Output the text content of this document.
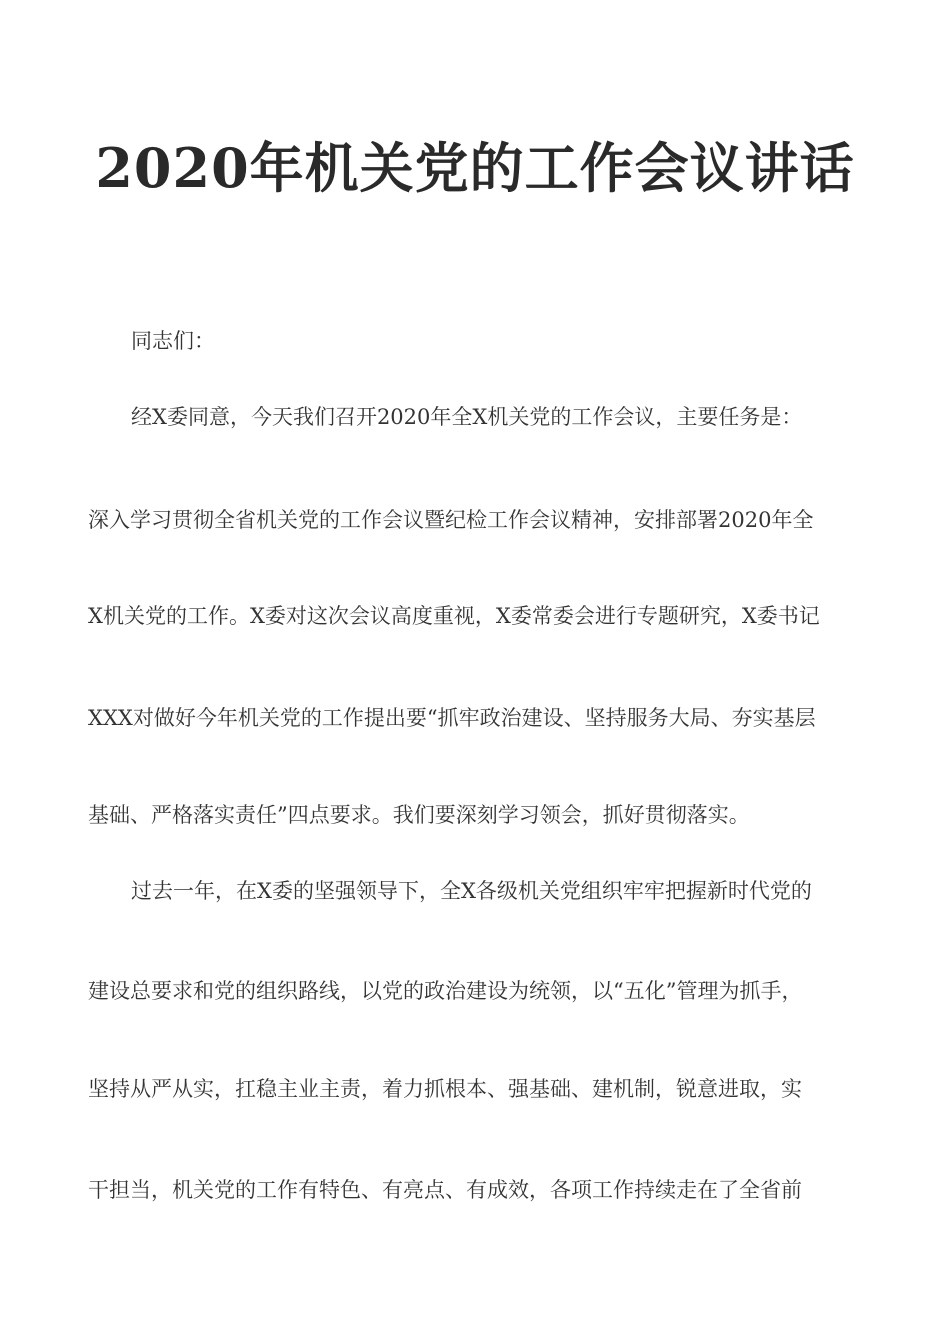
2020年机关党的工作会议讲话
同志们：
经X委同意，今天我们召开2020年全X机关党的工作会议，主要任务是：
深入学习贯彻全省机关党的工作会议暨纪检工作会议精神，安排部署2020年全
X机关党的工作。X委对这次会议高度重视，X委常委会进行专题研究，X委书记
XXX对做好今年机关党的工作提出要“抓牢政治建设、坚持服务大局、夯实基层
基础、严格落实责任”四点要求。我们要深刻学习领会，抓好贯彻落实。
过去一年，在X委的坚强领导下，全X各级机关党组织牢牢把握新时代党的
建设总要求和党的组织路线，以党的政治建设为统领，以“五化”管理为抓手，
坚持从严从实，扛稳主业主责，着力抓根本、强基础、建机制，锐意进取，实
干担当，机关党的工作有特色、有亮点、有成效，各项工作持续走在了全省前
